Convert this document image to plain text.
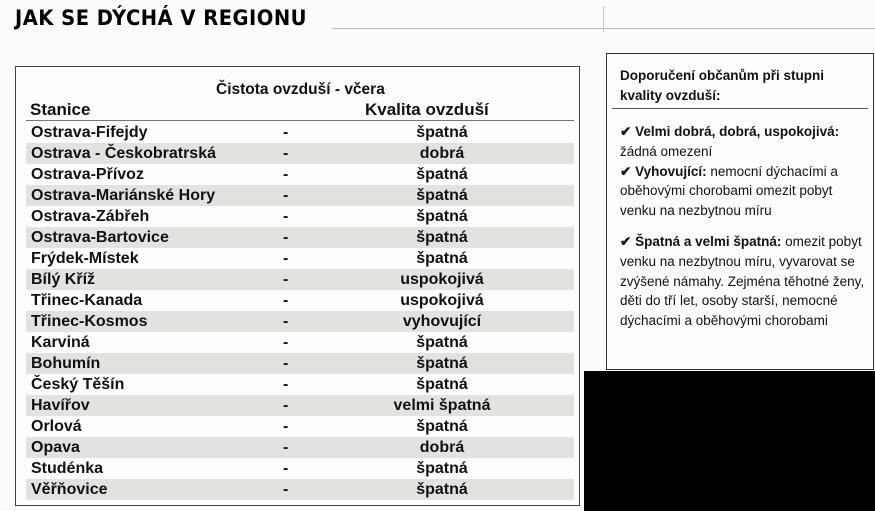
JAK SE DÝCHÁ V REGIONU
Čistota ovzduší - včera
Stanice	Kvalita ovzduší
Ostrava-Fifejdy	-	špatná
Ostrava - Českobratrská	-	dobrá
Ostrava-Přívoz	-	špatná
Ostrava-Mariánské Hory	-	špatná
Ostrava-Zábřeh	-	špatná
Ostrava-Bartovice	-	špatná
Frýdek-Místek	-	špatná
Bílý Kříž	-	uspokojivá
Třinec-Kanada	-	uspokojivá
Třinec-Kosmos	-	vyhovující
Karviná	-	špatná
Bohumín	-	špatná
Český Těšín	-	špatná
Havířov	-	velmi špatná
Orlová	-	špatná
Opava	-	dobrá
Studénka	-	špatná
Věřňovice	-	špatná
Doporučení občanům při stupni kvality ovzduší:

✔ Velmi dobrá, dobrá, uspokojivá: žádná omezení
✔ Vyhovující: nemocní dýchacími a oběhovými chorobami omezit pobyt venku na nezbytnou míru

✔ Špatná a velmi špatná: omezit pobyt venku na nezbytnou míru, vyvarovat se zvýšené námahy. Zejména těhotné ženy, děti do tří let, osoby starší, nemocné dýchacími a oběhovými chorobami
